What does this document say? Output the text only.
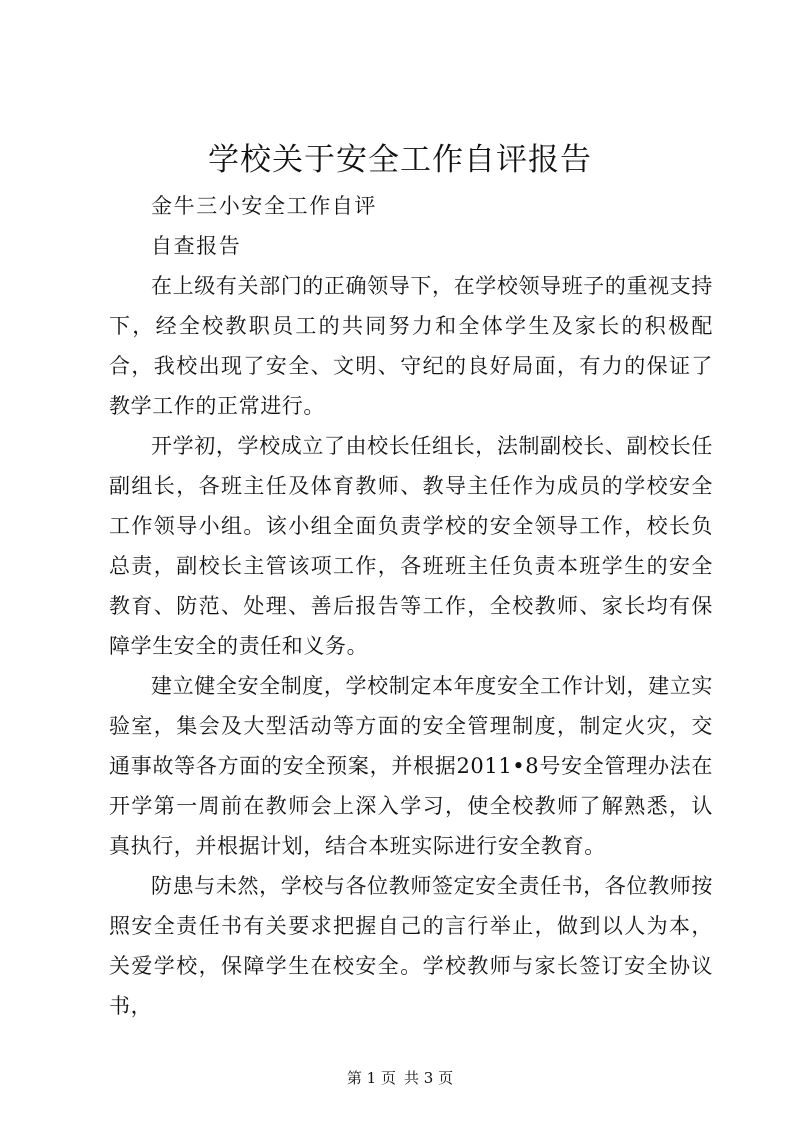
学校关于安全工作自评报告

金牛三小安全工作自评

自查报告

在上级有关部门的正确领导下，在学校领导班子的重视支持下，经全校教职员工的共同努力和全体学生及家长的积极配合，我校出现了安全、文明、守纪的良好局面，有力的保证了教学工作的正常进行。

开学初，学校成立了由校长任组长，法制副校长、副校长任副组长，各班主任及体育教师、教导主任作为成员的学校安全工作领导小组。该小组全面负责学校的安全领导工作，校长负总责，副校长主管该项工作，各班班主任负责本班学生的安全教育、防范、处理、善后报告等工作，全校教师、家长均有保障学生安全的责任和义务。

建立健全安全制度，学校制定本年度安全工作计划，建立实验室，集会及大型活动等方面的安全管理制度，制定火灾，交通事故等各方面的安全预案，并根据2011•8号安全管理办法在开学第一周前在教师会上深入学习，使全校教师了解熟悉，认真执行，并根据计划，结合本班实际进行安全教育。

防患与未然，学校与各位教师签定安全责任书，各位教师按照安全责任书有关要求把握自己的言行举止，做到以人为本，关爱学校，保障学生在校安全。学校教师与家长签订安全协议书，

第 1 页 共 3 页
